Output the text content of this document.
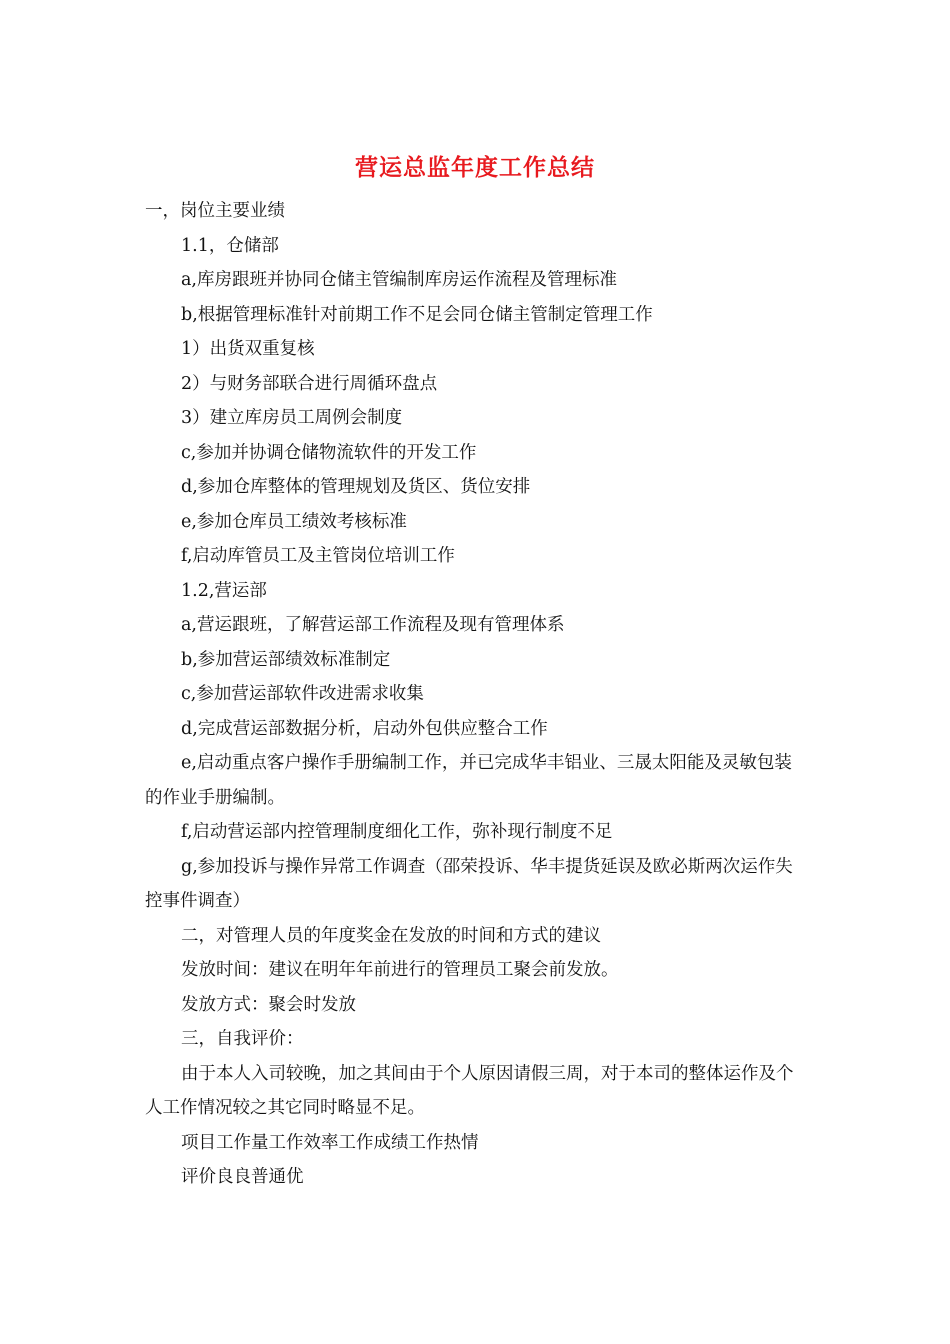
营运总监年度工作总结

一，岗位主要业绩

1.1，仓储部

a,库房跟班并协同仓储主管编制库房运作流程及管理标准

b,根据管理标准针对前期工作不足会同仓储主管制定管理工作

1）出货双重复核

2）与财务部联合进行周循环盘点

3）建立库房员工周例会制度

c,参加并协调仓储物流软件的开发工作

d,参加仓库整体的管理规划及货区、货位安排

e,参加仓库员工绩效考核标准

f,启动库管员工及主管岗位培训工作

1.2,营运部

a,营运跟班，了解营运部工作流程及现有管理体系

b,参加营运部绩效标准制定

c,参加营运部软件改进需求收集

d,完成营运部数据分析，启动外包供应整合工作

e,启动重点客户操作手册编制工作，并已完成华丰铝业、三晟太阳能及灵敏包装的作业手册编制。

f,启动营运部内控管理制度细化工作，弥补现行制度不足

g,参加投诉与操作异常工作调查（邵荣投诉、华丰提货延误及欧必斯两次运作失控事件调查）

二，对管理人员的年度奖金在发放的时间和方式的建议

发放时间：建议在明年年前进行的管理员工聚会前发放。

发放方式：聚会时发放

三，自我评价：

由于本人入司较晚，加之其间由于个人原因请假三周，对于本司的整体运作及个人工作情况较之其它同时略显不足。

项目工作量工作效率工作成绩工作热情

评价良良普通优
